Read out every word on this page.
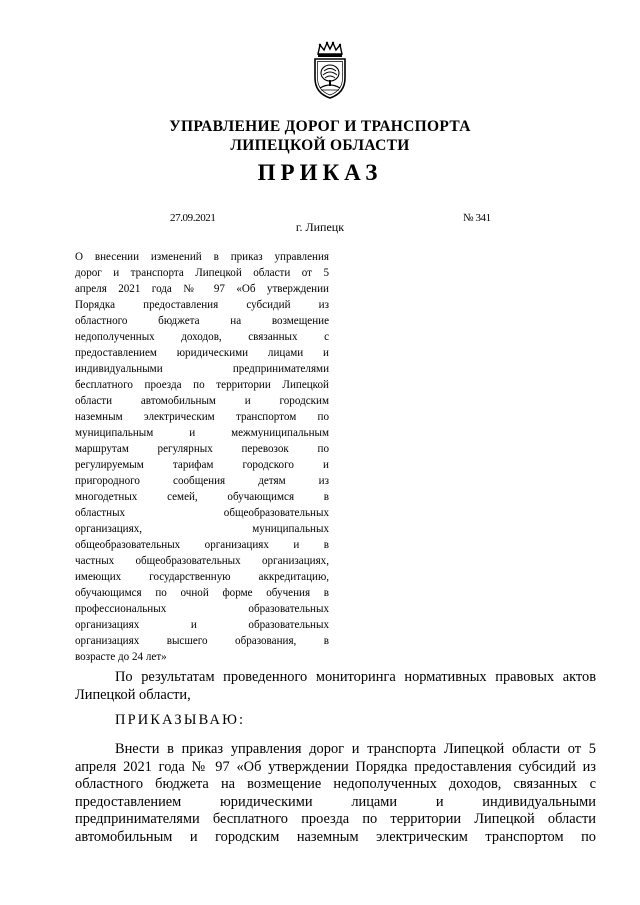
УПРАВЛЕНИЕ ДОРОГ И ТРАНСПОРТА
ЛИПЕЦКОЙ ОБЛАСТИ
ПРИКАЗ
27.09.2021
г. Липецк
№ 341
О внесении изменений в приказ управления
дорог и транспорта Липецкой области от 5
апреля 2021 года № 97 «Об утверждении
Порядка предоставления субсидий из
областного бюджета на возмещение
недополученных доходов, связанных с
предоставлением юридическими лицами и
индивидуальными предпринимателями
бесплатного проезда по территории Липецкой
области автомобильным и городским
наземным электрическим транспортом по
муниципальным и межмуниципальным
маршрутам регулярных перевозок по
регулируемым тарифам городского и
пригородного сообщения детям из
многодетных семей, обучающимся в
областных общеобразовательных
организациях, муниципальных
общеобразовательных организациях и в
частных общеобразовательных организациях,
имеющих государственную аккредитацию,
обучающимся по очной форме обучения в
профессиональных образовательных
организациях и образовательных
организациях высшего образования, в
возрасте до 24 лет»
По результатам проведенного мониторинга нормативных правовых актов
Липецкой области,
ПРИКАЗЫВАЮ:
Внести в приказ управления дорог и транспорта Липецкой области от 5
апреля 2021 года № 97 «Об утверждении Порядка предоставления субсидий из
областного бюджета на возмещение недополученных доходов, связанных с
предоставлением юридическими лицами и индивидуальными
предпринимателями бесплатного проезда по территории Липецкой области
автомобильным и городским наземным электрическим транспортом по
